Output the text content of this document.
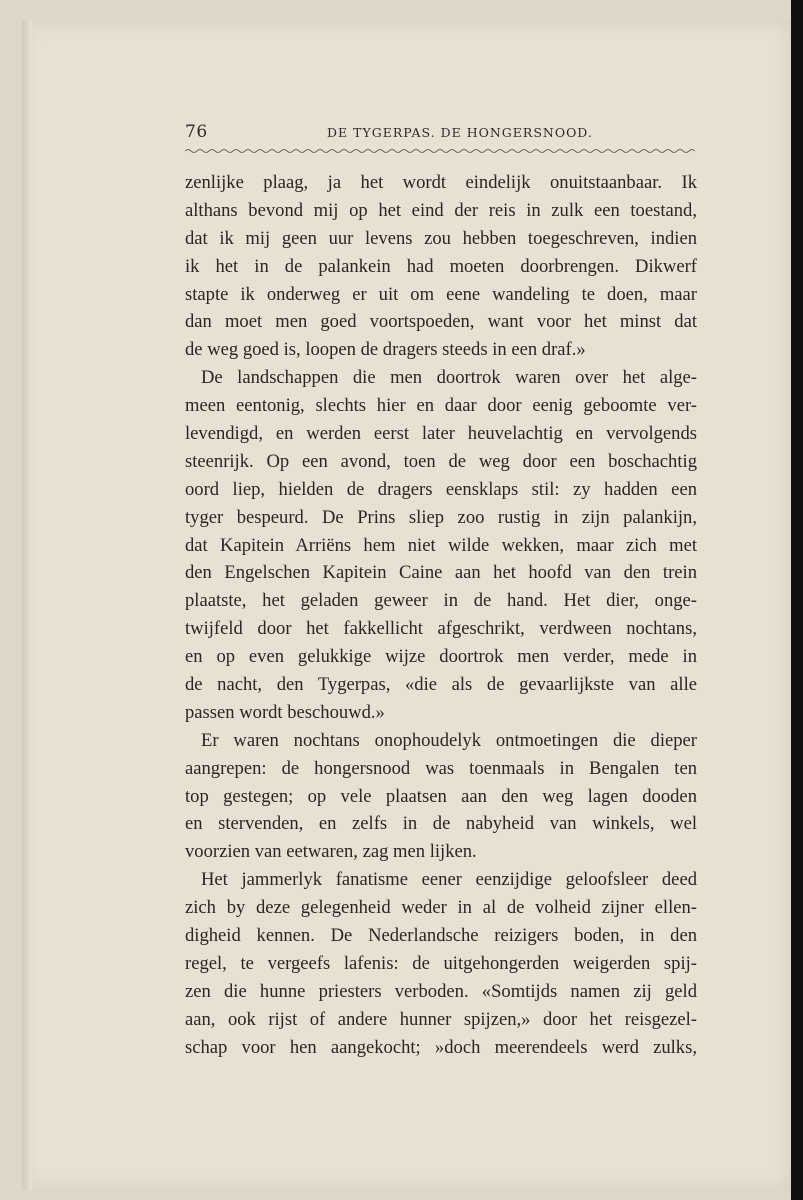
76	DE TYGERPAS. DE HONGERSNOOD.
zenlijke plaag, ja het wordt eindelijk onuitstaanbaar. Ik
althans bevond mij op het eind der reis in zulk een toestand,
dat ik mij geen uur levens zou hebben toegeschreven, indien
ik het in de palankein had moeten doorbrengen. Dikwerf
stapte ik onderweg er uit om eene wandeling te doen, maar
dan moet men goed voortspoeden, want voor het minst dat
de weg goed is, loopen de dragers steeds in een draf.»
De landschappen die men doortrok waren over het alge-
meen eentonig, slechts hier en daar door eenig geboomte ver-
levendigd, en werden eerst later heuvelachtig en vervolgends
steenrijk. Op een avond, toen de weg door een boschachtig
oord liep, hielden de dragers eensklaps stil: zy hadden een
tyger bespeurd. De Prins sliep zoo rustig in zijn palankijn,
dat Kapitein Arriëns hem niet wilde wekken, maar zich met
den Engelschen Kapitein Caine aan het hoofd van den trein
plaatste, het geladen geweer in de hand. Het dier, onge-
twijfeld door het fakkellicht afgeschrikt, verdween nochtans,
en op even gelukkige wijze doortrok men verder, mede in
de nacht, den Tygerpas, «die als de gevaarlijkste van alle
passen wordt beschouwd.»
Er waren nochtans onophoudelyk ontmoetingen die dieper
aangrepen: de hongersnood was toenmaals in Bengalen ten
top gestegen; op vele plaatsen aan den weg lagen dooden
en stervenden, en zelfs in de nabyheid van winkels, wel
voorzien van eetwaren, zag men lijken.
Het jammerlyk fanatisme eener eenzijdige geloofsleer deed
zich by deze gelegenheid weder in al de volheid zijner ellen-
digheid kennen. De Nederlandsche reizigers boden, in den
regel, te vergeefs lafenis: de uitgehongerden weigerden spij-
zen die hunne priesters verboden. «Somtijds namen zij geld
aan, ook rijst of andere hunner spijzen,» door het reisgezel-
schap voor hen aangekocht; »doch meerendeels werd zulks,
